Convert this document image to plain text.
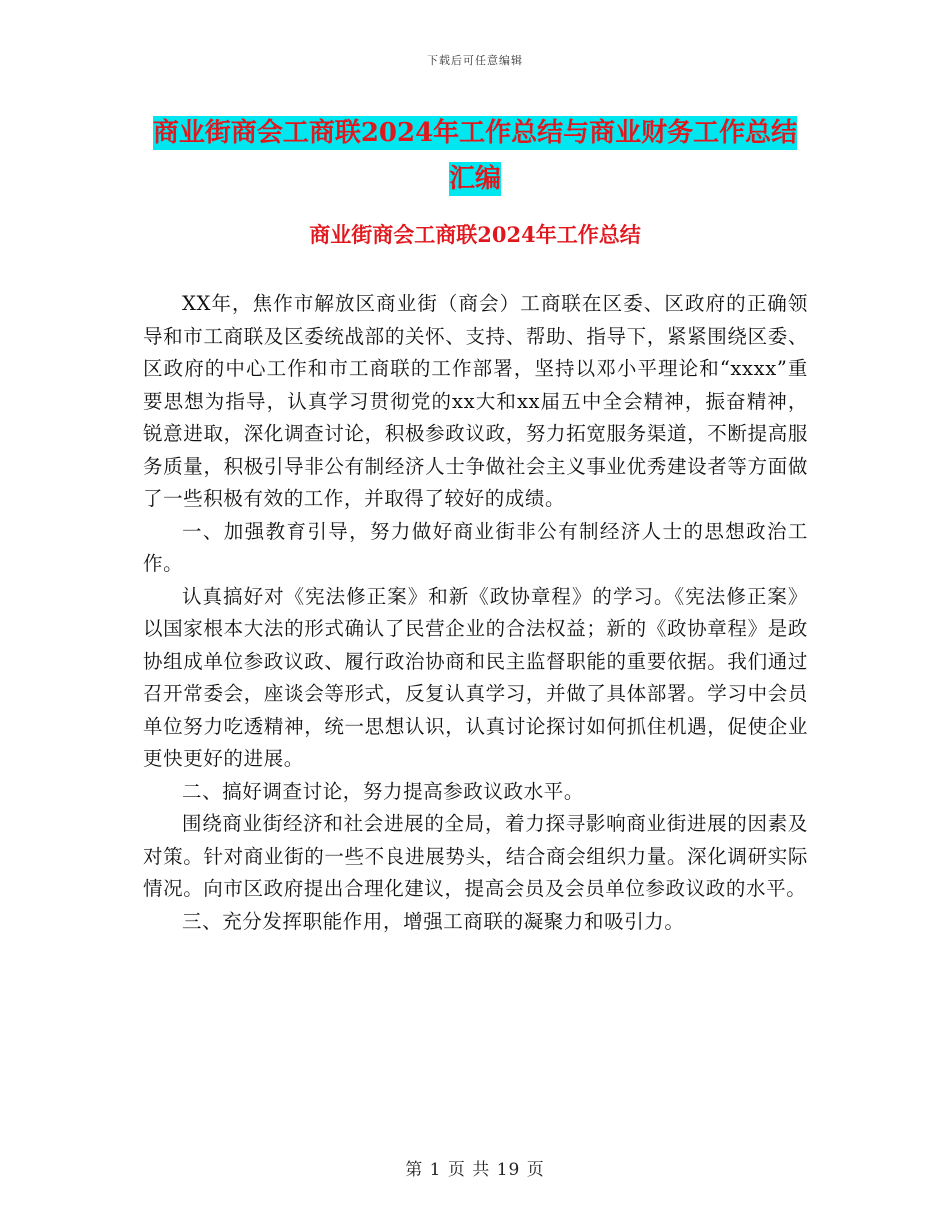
下载后可任意编辑
商业街商会工商联2024年工作总结与商业财务工作总结汇编
商业街商会工商联2024年工作总结

XX年，焦作市解放区商业街（商会）工商联在区委、区政府的正确领导和市工商联及区委统战部的关怀、支持、帮助、指导下，紧紧围绕区委、区政府的中心工作和市工商联的工作部署，坚持以邓小平理论和“xxxx”重要思想为指导，认真学习贯彻党的xx大和xx届五中全会精神，振奋精神，锐意进取，深化调查讨论，积极参政议政，努力拓宽服务渠道，不断提高服务质量，积极引导非公有制经济人士争做社会主义事业优秀建设者等方面做了一些积极有效的工作，并取得了较好的成绩。

一、加强教育引导，努力做好商业街非公有制经济人士的思想政治工作。

认真搞好对《宪法修正案》和新《政协章程》的学习。《宪法修正案》以国家根本大法的形式确认了民营企业的合法权益；新的《政协章程》是政协组成单位参政议政、履行政治协商和民主监督职能的重要依据。我们通过召开常委会，座谈会等形式，反复认真学习，并做了具体部署。学习中会员单位努力吃透精神，统一思想认识，认真讨论探讨如何抓住机遇，促使企业更快更好的进展。

二、搞好调查讨论，努力提高参政议政水平。

围绕商业街经济和社会进展的全局，着力探寻影响商业街进展的因素及对策。针对商业街的一些不良进展势头，结合商会组织力量。深化调研实际情况。向市区政府提出合理化建议，提高会员及会员单位参政议政的水平。

三、充分发挥职能作用，增强工商联的凝聚力和吸引力。

第 1 页 共 19 页
